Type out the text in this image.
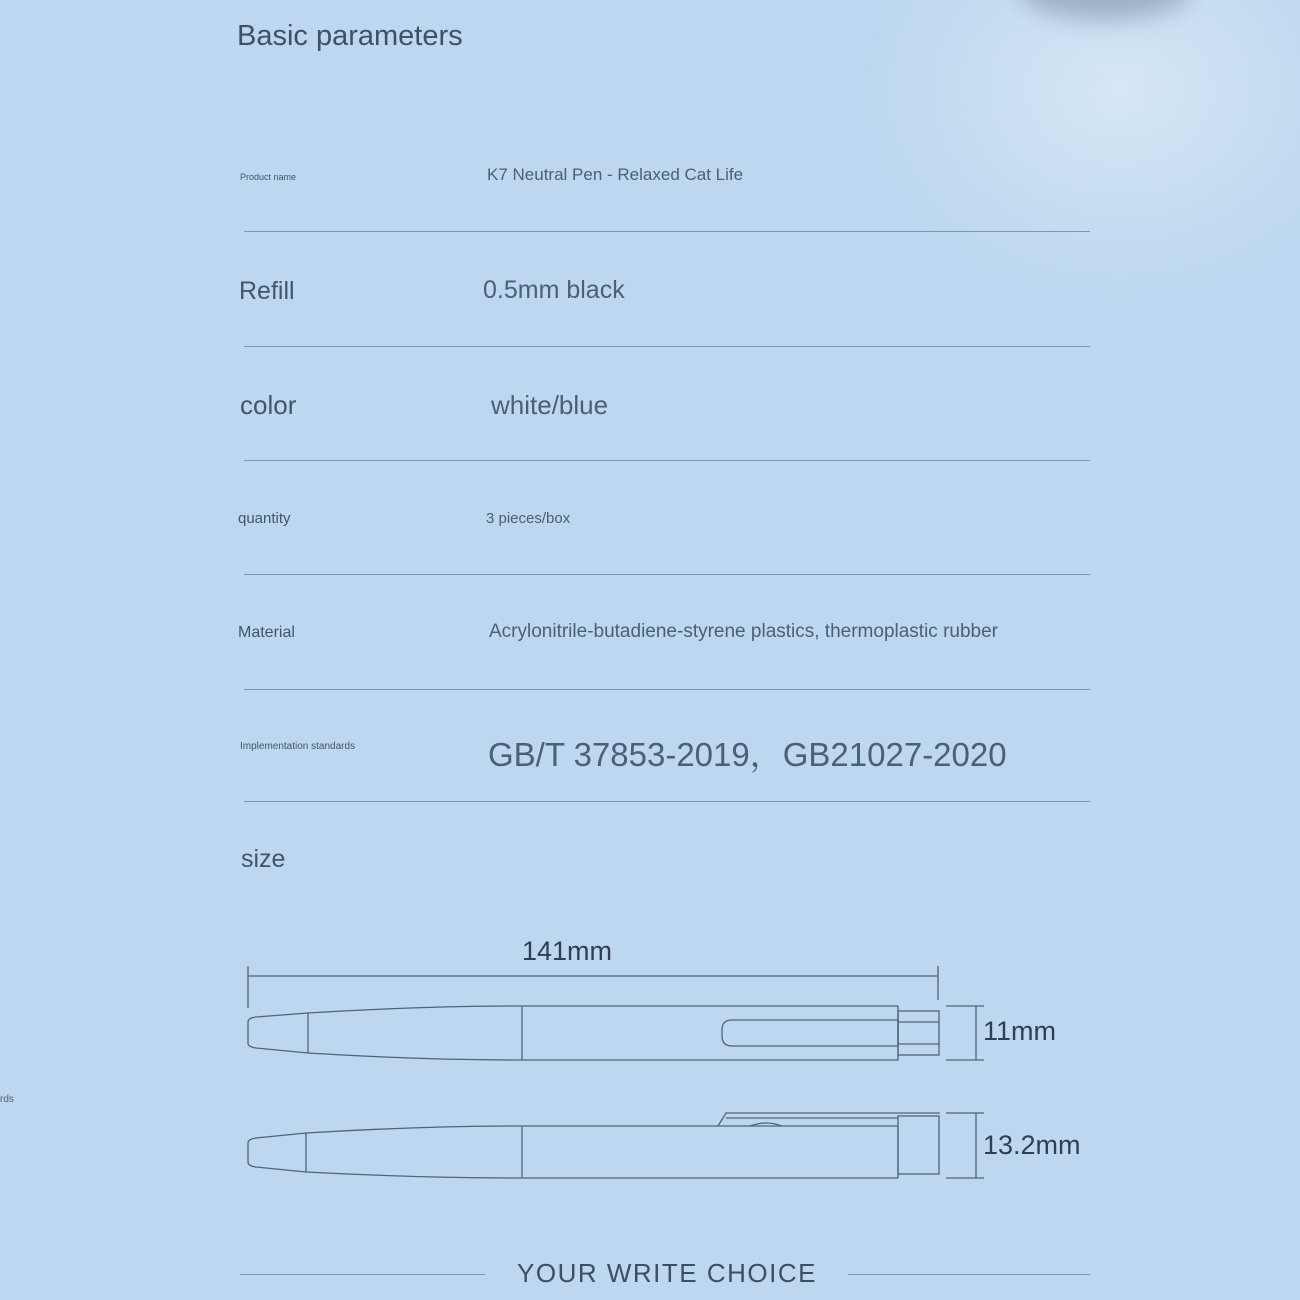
Basic parameters
Product name	K7 Neutral Pen - Relaxed Cat Life
Refill	0.5mm black
color	white/blue
quantity	3 pieces/box
Material	Acrylonitrile-butadiene-styrene plastics, thermoplastic rubber
Implementation standards	GB/T 37853-2019，GB21027-2020
rds
size
141mm
11mm
13.2mm
YOUR WRITE CHOICE
